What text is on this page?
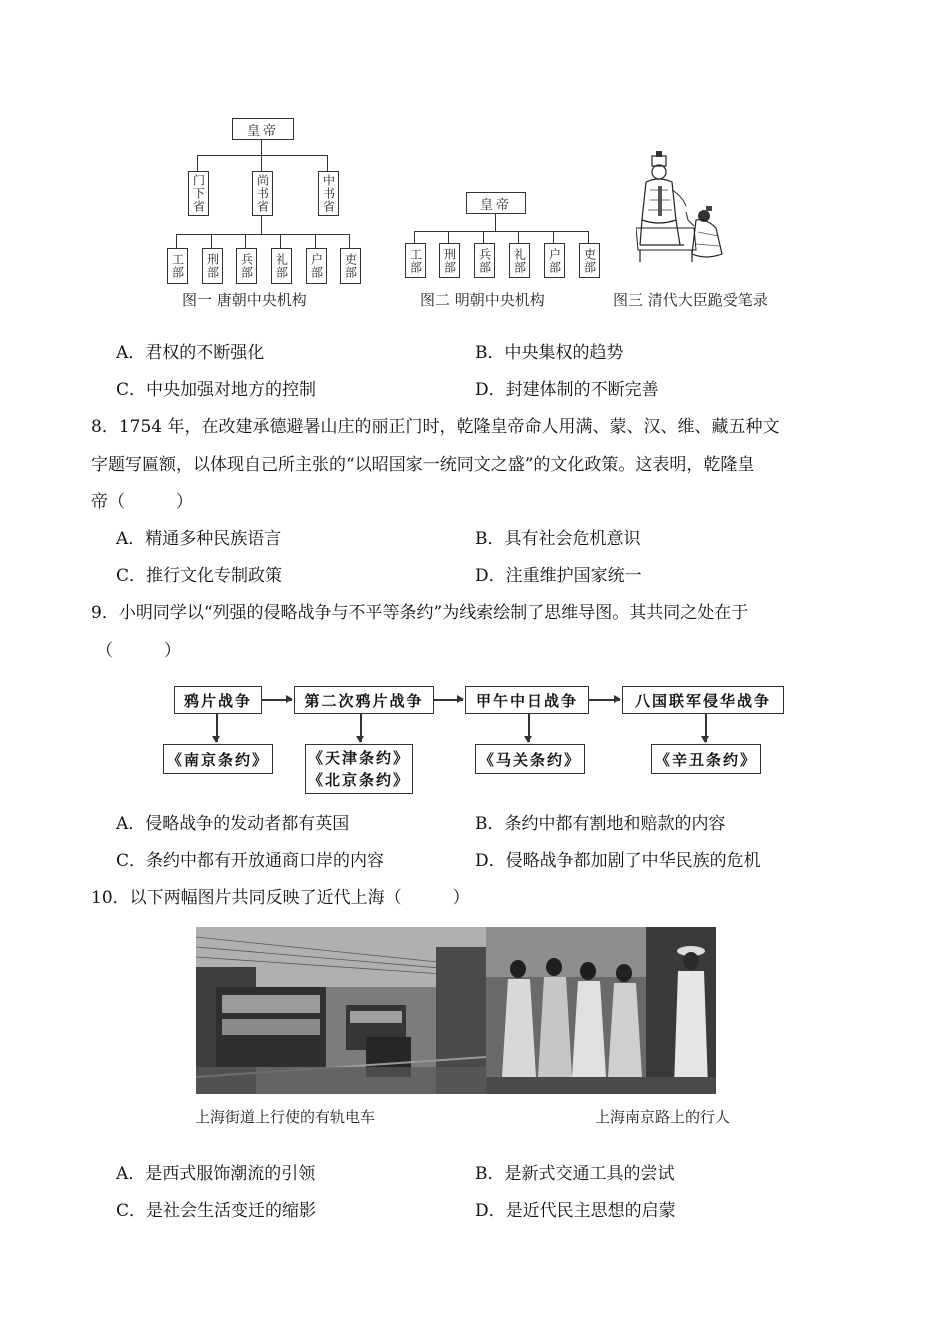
皇帝
门下省	尚书省	中书省
工部 刑部 兵部 礼部 户部 吏部
图一 唐朝中央机构
皇帝
工部 刑部 兵部 礼部 户部 吏部
图二 明朝中央机构	图三 清代大臣跪受笔录
A．君权的不断强化	B．中央集权的趋势
C．中央加强对地方的控制	D．封建体制的不断完善
8．1754 年，在改建承德避暑山庄的丽正门时，乾隆皇帝命人用满、蒙、汉、维、藏五种文
字题写匾额，以体现自己所主张的“以昭国家一统同文之盛”的文化政策。这表明，乾隆皇
帝（　　　）
A．精通多种民族语言	B．具有社会危机意识
C．推行文化专制政策	D．注重维护国家统一
9．小明同学以“列强的侵略战争与不平等条约”为线索绘制了思维导图。其共同之处在于
（　　　）
鸦片战争	第二次鸦片战争	甲午中日战争	八国联军侵华战争
《南京条约》	《天津条约》
《北京条约》
《马关条约》	《辛丑条约》
A．侵略战争的发动者都有英国	B．条约中都有割地和赔款的内容
C．条约中都有开放通商口岸的内容	D．侵略战争都加剧了中华民族的危机
10．以下两幅图片共同反映了近代上海（　　　）
上海街道上行使的有轨电车	上海南京路上的行人
A．是西式服饰潮流的引领	B．是新式交通工具的尝试
C．是社会生活变迁的缩影	D．是近代民主思想的启蒙
